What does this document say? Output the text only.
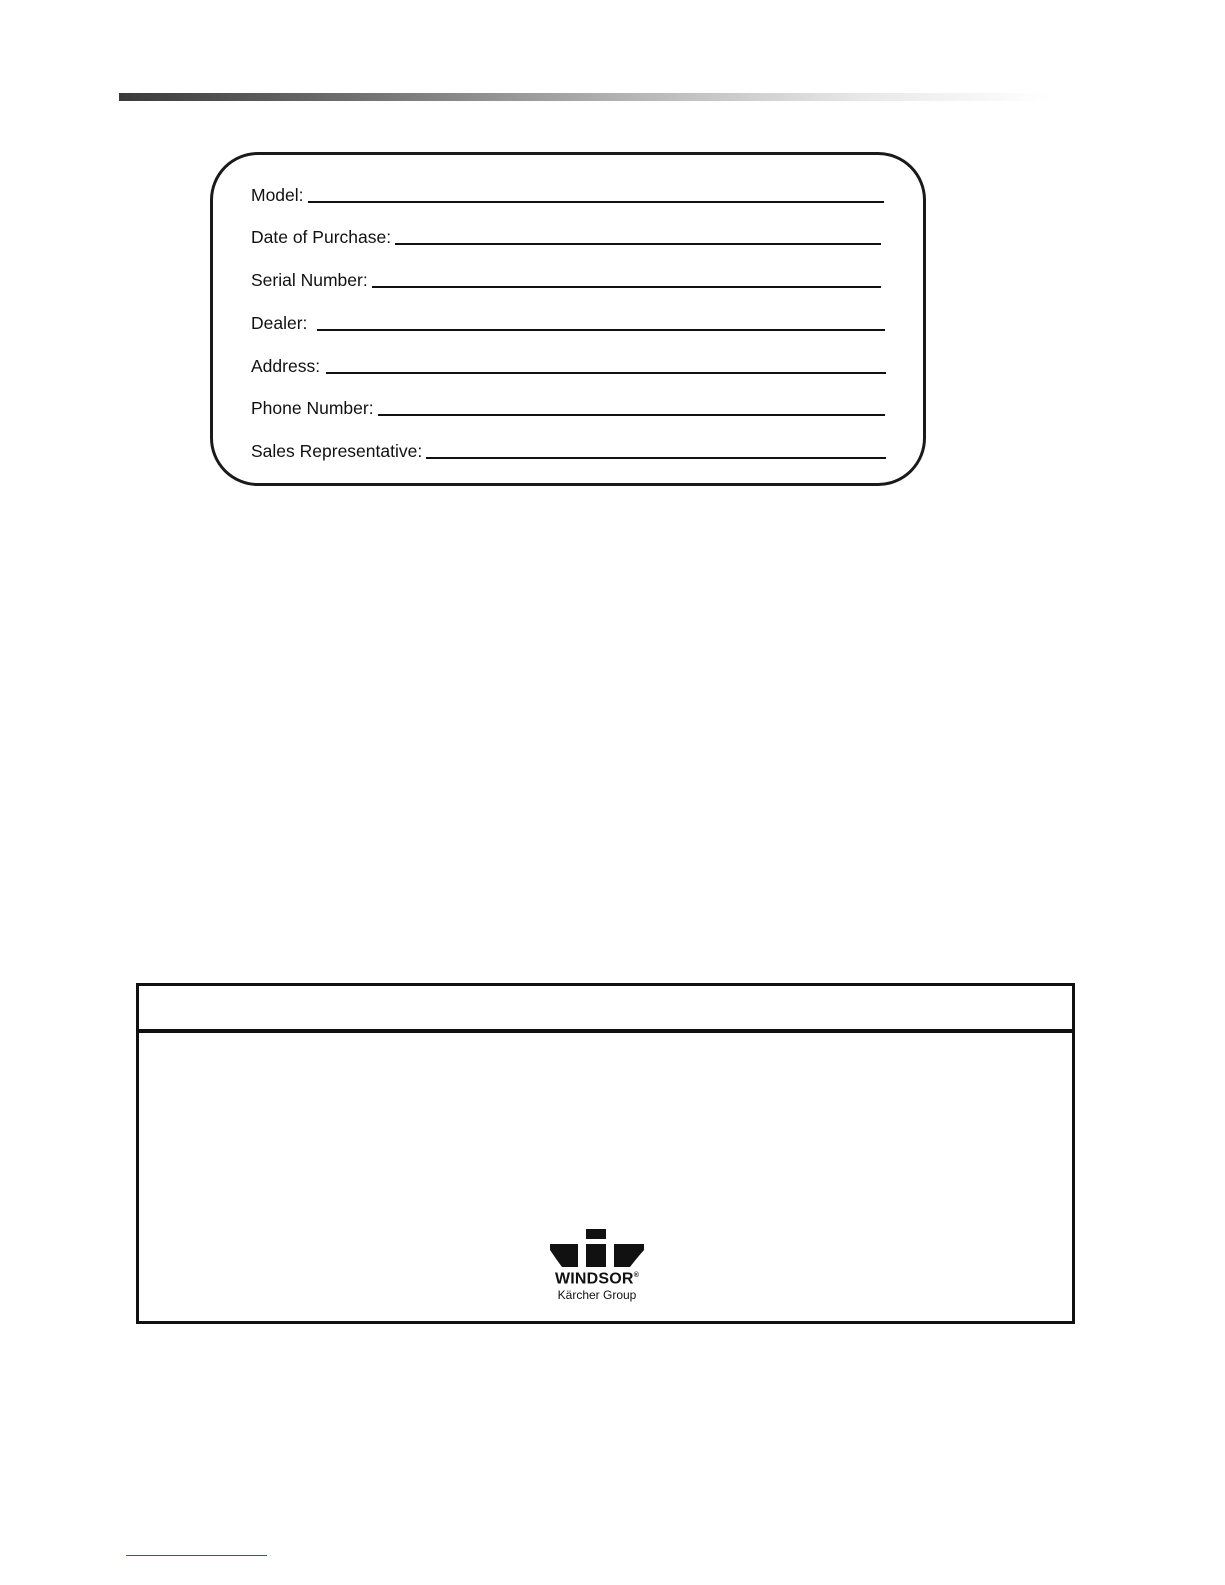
Model:
Date of Purchase:
Serial Number:
Dealer:
Address:
Phone Number:
Sales Representative:
WINDSOR®
Kärcher Group
